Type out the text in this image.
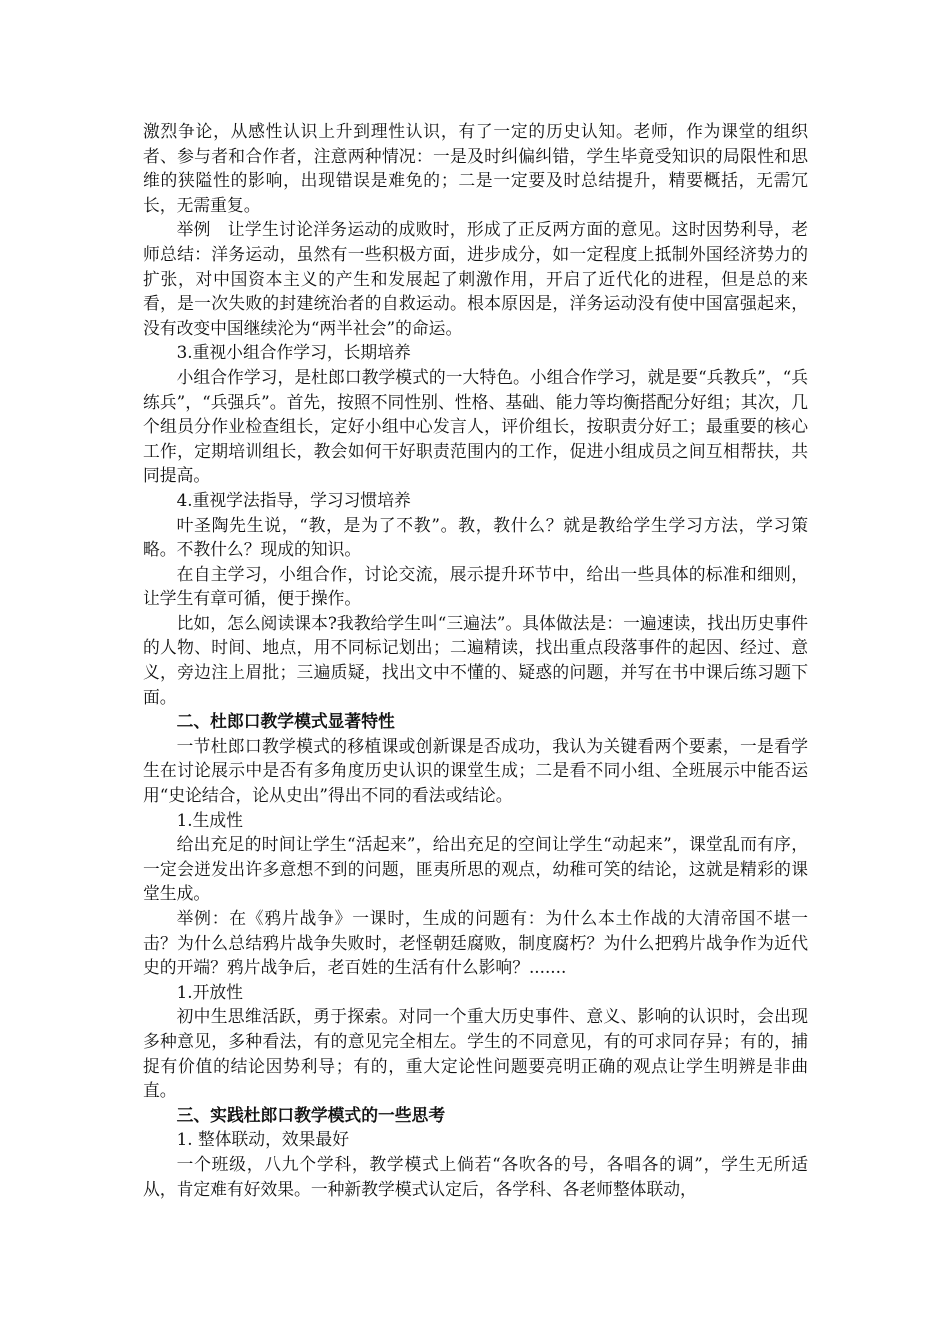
激烈争论，从感性认识上升到理性认识，有了一定的历史认知。老师，作为课堂的组织者、参与者和合作者，注意两种情况：一是及时纠偏纠错，学生毕竟受知识的局限性和思维的狭隘性的影响，出现错误是难免的；二是一定要及时总结提升，精要概括，无需冗长，无需重复。

举例　让学生讨论洋务运动的成败时，形成了正反两方面的意见。这时因势利导，老师总结：洋务运动，虽然有一些积极方面，进步成分，如一定程度上抵制外国经济势力的扩张，对中国资本主义的产生和发展起了刺激作用，开启了近代化的进程，但是总的来看，是一次失败的封建统治者的自救运动。根本原因是，洋务运动没有使中国富强起来，没有改变中国继续沦为“两半社会”的命运。

3.重视小组合作学习，长期培养

小组合作学习，是杜郎口教学模式的一大特色。小组合作学习，就是要“兵教兵”，“兵练兵”，“兵强兵”。首先，按照不同性别、性格、基础、能力等均衡搭配分好组；其次，几个组员分作业检查组长，定好小组中心发言人，评价组长，按职责分好工；最重要的核心工作，定期培训组长，教会如何干好职责范围内的工作，促进小组成员之间互相帮扶，共同提高。

4.重视学法指导，学习习惯培养

叶圣陶先生说，“教，是为了不教”。教，教什么？就是教给学生学习方法，学习策略。不教什么？现成的知识。

在自主学习，小组合作，讨论交流，展示提升环节中，给出一些具体的标准和细则，让学生有章可循，便于操作。

比如，怎么阅读课本?我教给学生叫“三遍法”。具体做法是：一遍速读，找出历史事件的人物、时间、地点，用不同标记划出；二遍精读，找出重点段落事件的起因、经过、意义，旁边注上眉批；三遍质疑，找出文中不懂的、疑惑的问题，并写在书中课后练习题下面。

二、杜郎口教学模式显著特性

一节杜郎口教学模式的移植课或创新课是否成功，我认为关键看两个要素，一是看学生在讨论展示中是否有多角度历史认识的课堂生成；二是看不同小组、全班展示中能否运用“史论结合，论从史出”得出不同的看法或结论。

1.生成性

给出充足的时间让学生“活起来”，给出充足的空间让学生“动起来”，课堂乱而有序，一定会迸发出许多意想不到的问题，匪夷所思的观点，幼稚可笑的结论，这就是精彩的课堂生成。

举例：在《鸦片战争》一课时，生成的问题有：为什么本土作战的大清帝国不堪一击？为什么总结鸦片战争失败时，老怪朝廷腐败，制度腐朽？为什么把鸦片战争作为近代史的开端？鸦片战争后，老百姓的生活有什么影响？.......

1.开放性

初中生思维活跃，勇于探索。对同一个重大历史事件、意义、影响的认识时，会出现多种意见，多种看法，有的意见完全相左。学生的不同意见，有的可求同存异；有的，捕捉有价值的结论因势利导；有的，重大定论性问题要亮明正确的观点让学生明辨是非曲直。

三、实践杜郎口教学模式的一些思考

1. 整体联动，效果最好

一个班级，八九个学科，教学模式上倘若“各吹各的号，各唱各的调”，学生无所适从，肯定难有好效果。一种新教学模式认定后，各学科、各老师整体联动，
